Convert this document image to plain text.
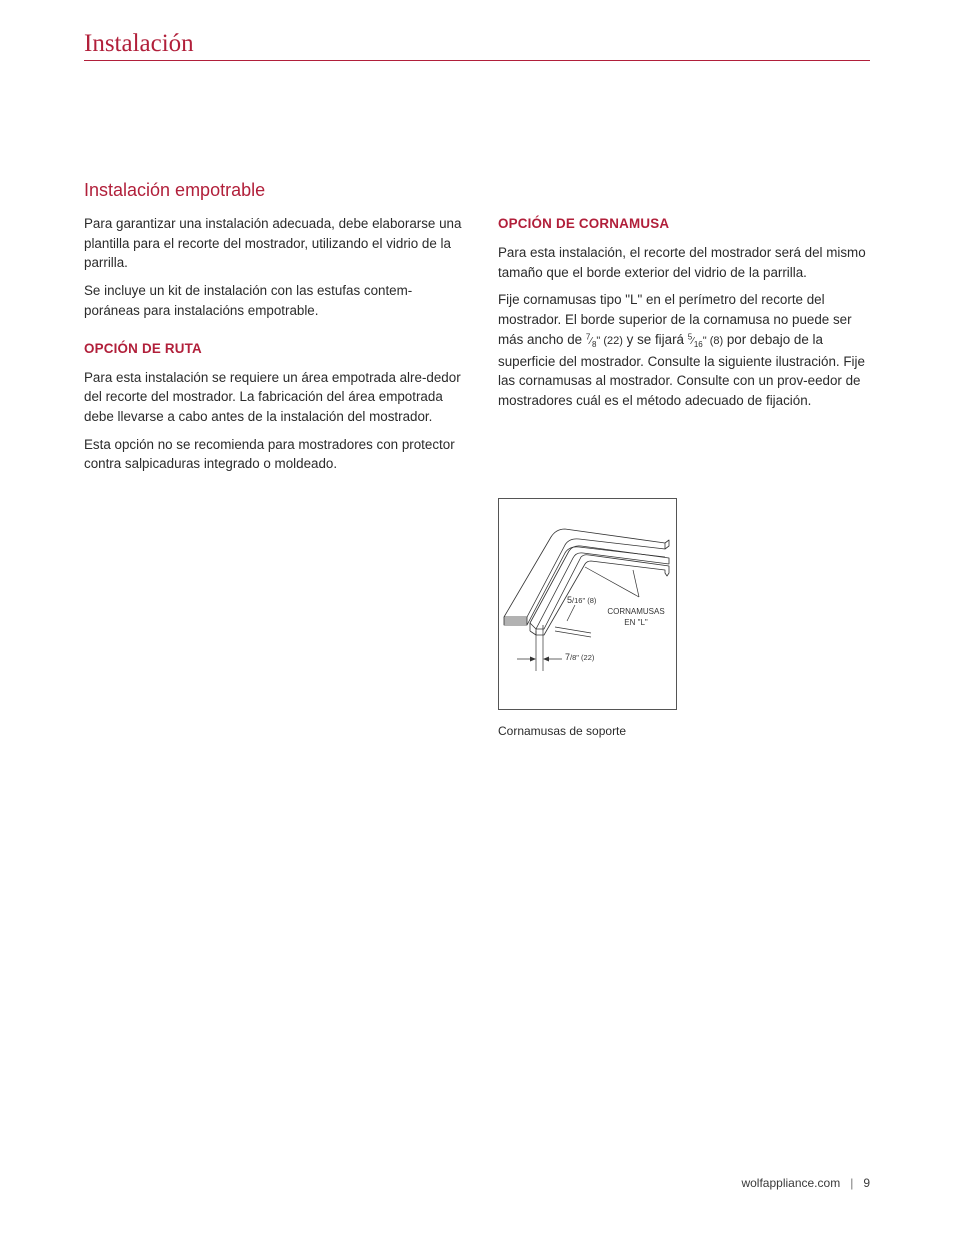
Instalación
Instalación empotrable

Para garantizar una instalación adecuada, debe elaborarse una plantilla para el recorte del mostrador, utilizando el vidrio de la parrilla.

Se incluye un kit de instalación con las estufas contem-poráneas para instalacións empotrable.

OPCIÓN DE RUTA

Para esta instalación se requiere un área empotrada alre-dedor del recorte del mostrador. La fabricación del área empotrada debe llevarse a cabo antes de la instalación del mostrador.

Esta opción no se recomienda para mostradores con protector contra salpicaduras integrado o moldeado.

OPCIÓN DE CORNAMUSA

Para esta instalación, el recorte del mostrador será del mismo tamaño que el borde exterior del vidrio de la parrilla.

Fije cornamusas tipo "L" en el perímetro del recorte del mostrador. El borde superior de la cornamusa no puede ser más ancho de $^7⁄_8$" (22) y se fijará $^5⁄_{16}$" (8) por debajo de la superficie del mostrador. Consulte la siguiente ilustración. Fije las cornamusas al mostrador. Consulte con un prov-eedor de mostradores cuál es el método adecuado de fijación.

5/16" (8)
7/8" (22)
CORNAMUSAS
EN "L"

Cornamusas de soporte

wolfappliance.com | 9
